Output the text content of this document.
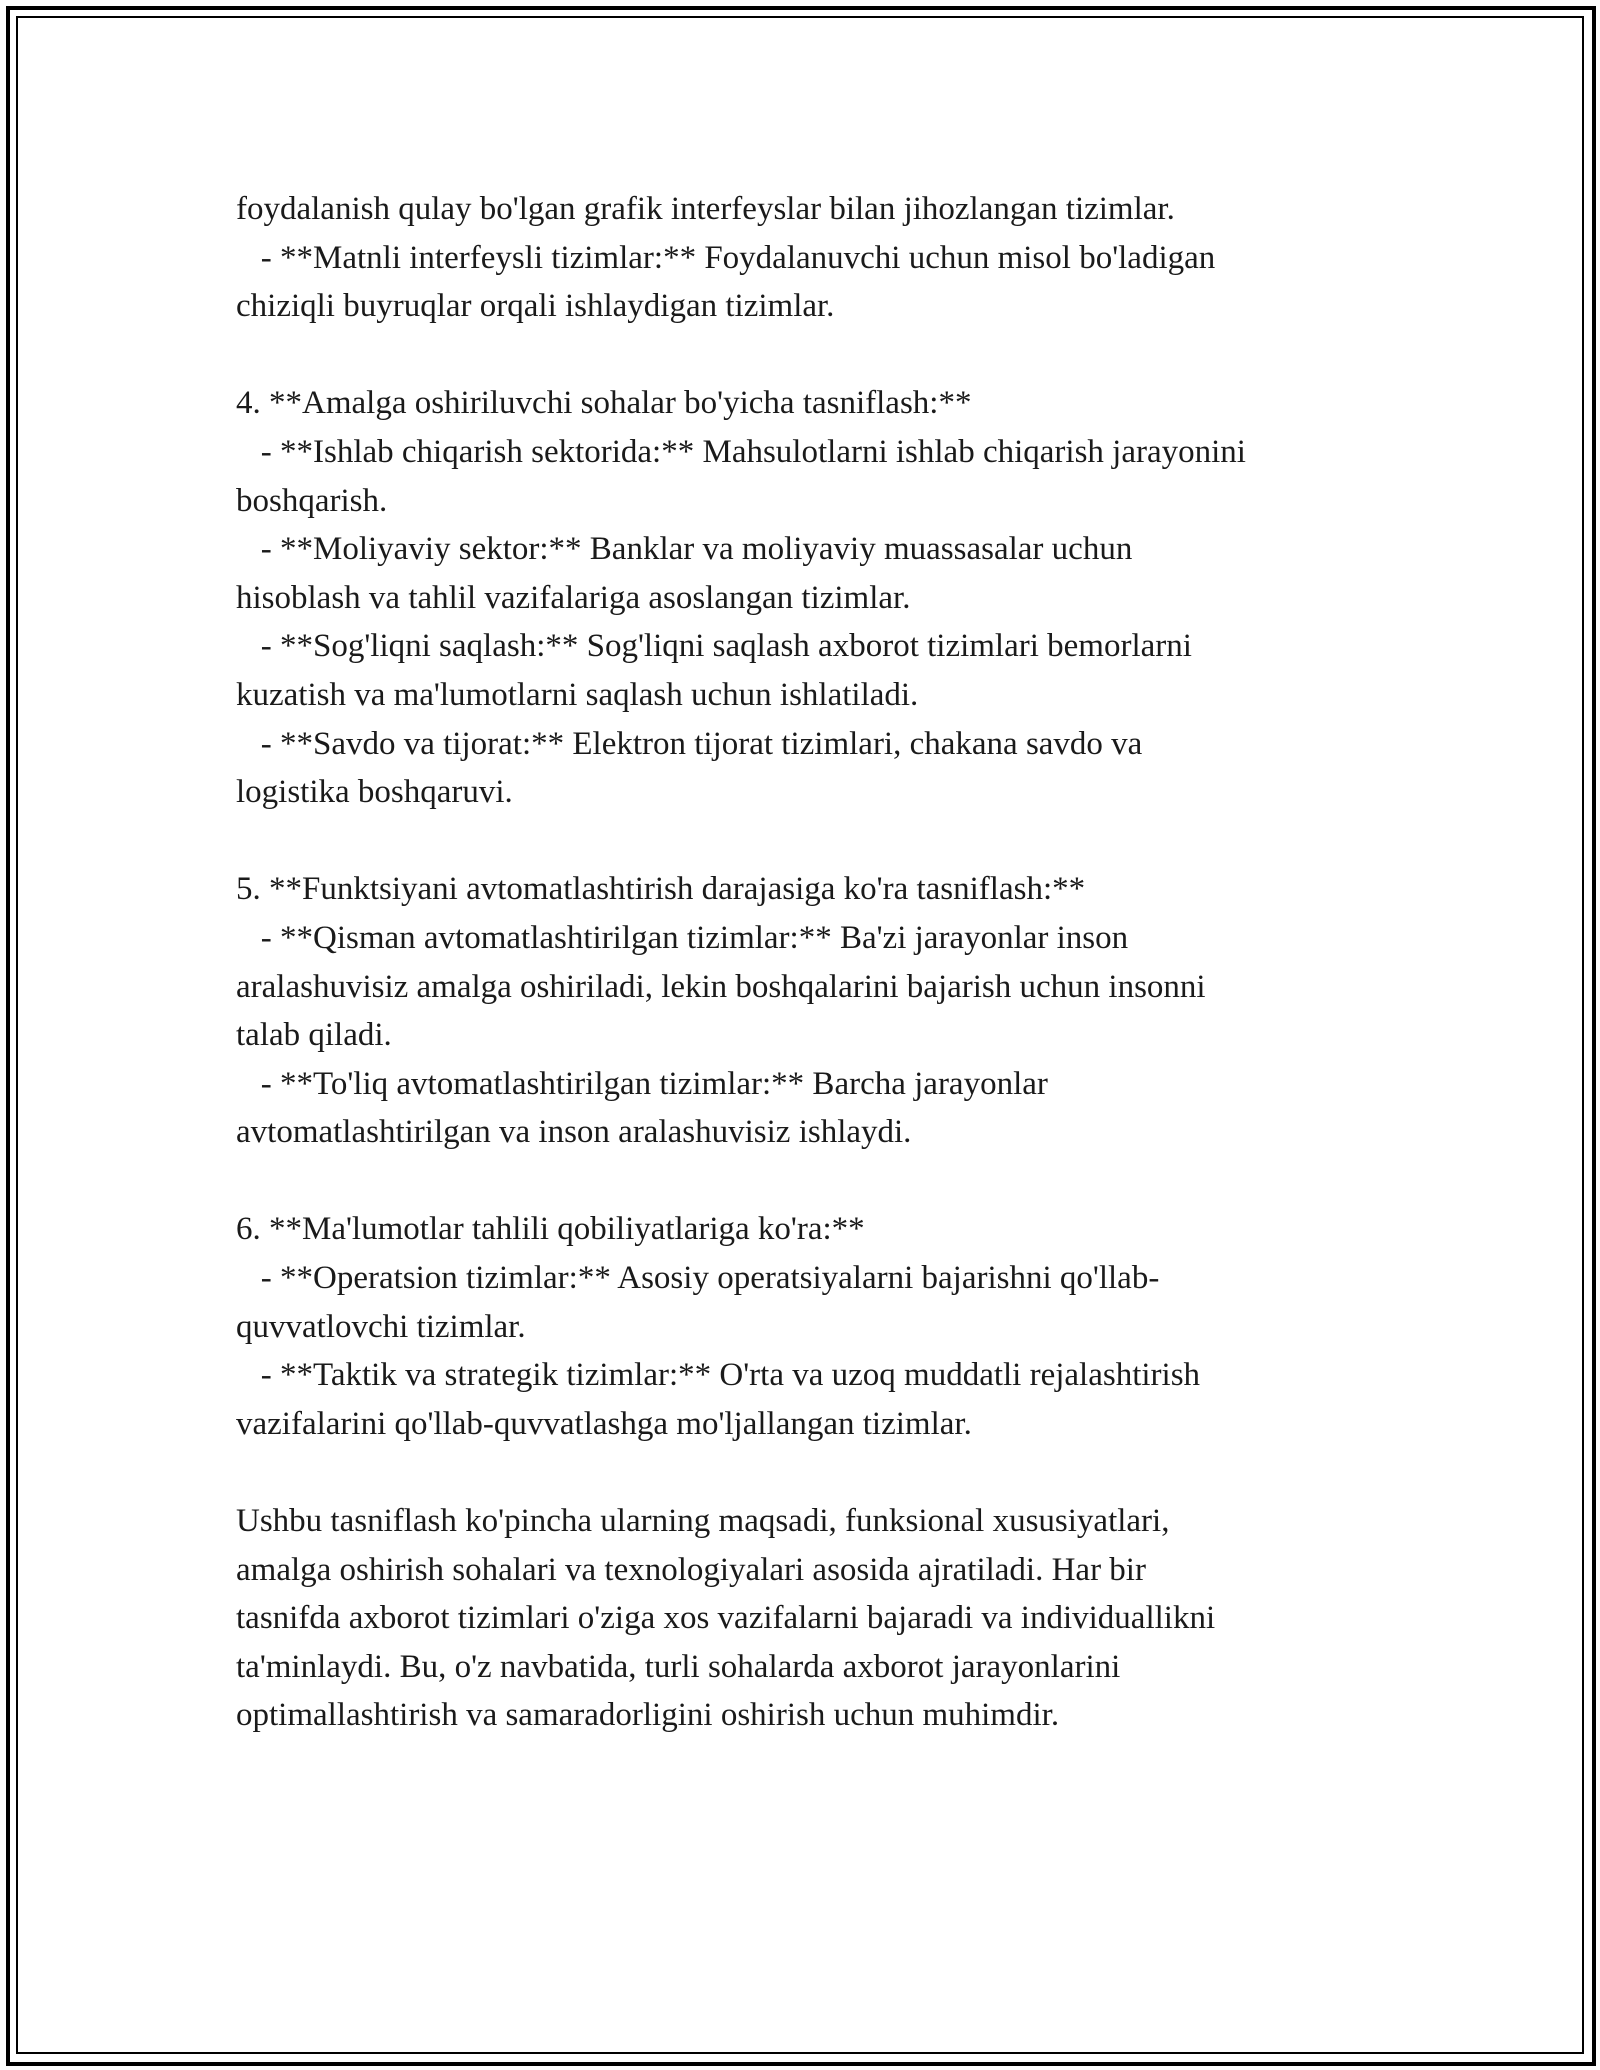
foydalanish qulay bo'lgan grafik interfeyslar bilan jihozlangan tizimlar.
- **Matnli interfeysli tizimlar:** Foydalanuvchi uchun misol bo'ladigan
chiziqli buyruqlar orqali ishlaydigan tizimlar.
4. **Amalga oshiriluvchi sohalar bo'yicha tasniflash:**
- **Ishlab chiqarish sektorida:** Mahsulotlarni ishlab chiqarish jarayonini
boshqarish.
- **Moliyaviy sektor:** Banklar va moliyaviy muassasalar uchun
hisoblash va tahlil vazifalariga asoslangan tizimlar.
- **Sog'liqni saqlash:** Sog'liqni saqlash axborot tizimlari bemorlarni
kuzatish va ma'lumotlarni saqlash uchun ishlatiladi.
- **Savdo va tijorat:** Elektron tijorat tizimlari, chakana savdo va
logistika boshqaruvi.
5. **Funktsiyani avtomatlashtirish darajasiga ko'ra tasniflash:**
- **Qisman avtomatlashtirilgan tizimlar:** Ba'zi jarayonlar inson
aralashuvisiz amalga oshiriladi, lekin boshqalarini bajarish uchun insonni
talab qiladi.
- **To'liq avtomatlashtirilgan tizimlar:** Barcha jarayonlar
avtomatlashtirilgan va inson aralashuvisiz ishlaydi.
6. **Ma'lumotlar tahlili qobiliyatlariga ko'ra:**
- **Operatsion tizimlar:** Asosiy operatsiyalarni bajarishni qo'llab-
quvvatlovchi tizimlar.
- **Taktik va strategik tizimlar:** O'rta va uzoq muddatli rejalashtirish
vazifalarini qo'llab-quvvatlashga mo'ljallangan tizimlar.
Ushbu tasniflash ko'pincha ularning maqsadi, funksional xususiyatlari,
amalga oshirish sohalari va texnologiyalari asosida ajratiladi. Har bir
tasnifda axborot tizimlari o'ziga xos vazifalarni bajaradi va individuallikni
ta'minlaydi. Bu, o'z navbatida, turli sohalarda axborot jarayonlarini
optimallashtirish va samaradorligini oshirish uchun muhimdir.
